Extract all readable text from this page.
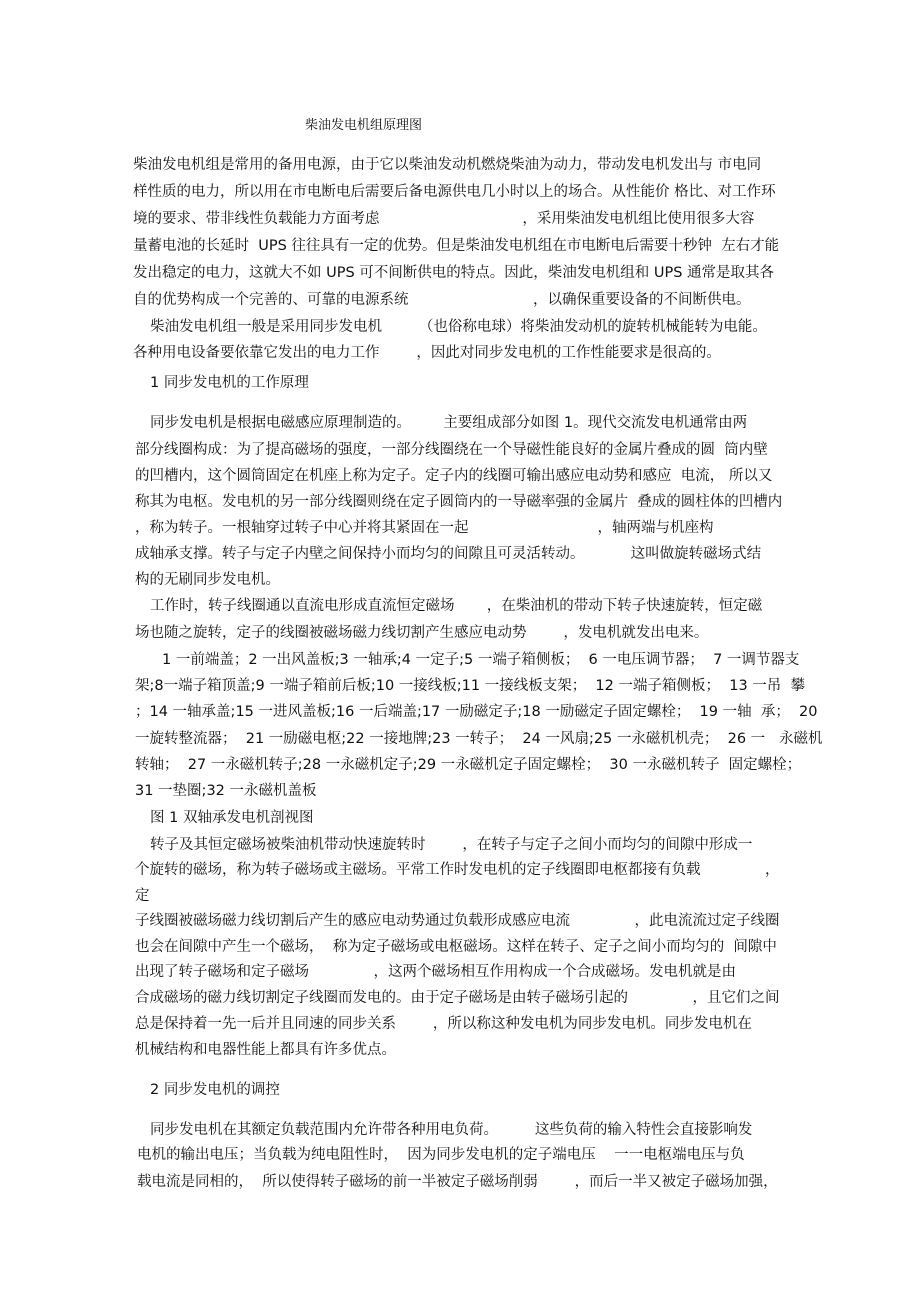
柴油发电机组原理图
柴油发电机组是常用的备用电源，由于它以柴油发动机燃烧柴油为动力，带动发电机发出与 市电同
样性质的电力，所以用在市电断电后需要后备电源供电几小时以上的场合。从性能价 格比、对工作环
境的要求、带非线性负载能力方面考虑                               ，采用柴油发电机组比使用很多大容
量蓄电池的长延时  UPS 往往具有一定的优势。但是柴油发电机组在市电断电后需要十秒钟  左右才能
发出稳定的电力，这就大不如 UPS 可不间断供电的特点。因此，柴油发电机组和 UPS 通常是取其各
自的优势构成一个完善的、可靠的电源系统                           ，以确保重要设备的不间断供电。
柴油发电机组一般是采用同步发电机        （也俗称电球）将柴油发动机的旋转机械能转为电能。
各种用电设备要依靠它发出的电力工作        ，因此对同步发电机的工作性能要求是很高的。
1 同步发电机的工作原理
同步发电机是根据电磁感应原理制造的。       主要组成部分如图 1。现代交流发电机通常由两
部分线圈构成：为了提高磁场的强度，一部分线圈绕在一个导磁性能良好的金属片叠成的圆  筒内壁
的凹槽内，这个圆筒固定在机座上称为定子。定子内的线圈可输出感应电动势和感应  电流， 所以又
称其为电枢。发电机的另一部分线圈则绕在定子圆筒内的一导磁率强的金属片  叠成的圆柱体的凹槽内
，称为转子。一根轴穿过转子中心并将其紧固在一起                            ，轴两端与机座构
成轴承支撑。转子与定子内壁之间保持小而均匀的间隙且可灵活转动。          这叫做旋转磁场式结
构的无刷同步发电机。
工作时，转子线圈通以直流电形成直流恒定磁场       ，在柴油机的带动下转子快速旋转，恒定磁
场也随之旋转，定子的线圈被磁场磁力线切割产生感应电动势        ，发电机就发出电来。
1 一前端盖；2 一出风盖板;3 一轴承;4 一定子;5 一端子箱侧板；  6 一电压调节器；  7 一调节器支
架;8一端子箱顶盖;9 一端子箱前后板;10 一接线板;11 一接线板支架；  12 一端子箱侧板；  13 一吊  攀
；14 一轴承盖;15 一进风盖板;16 一后端盖;17 一励磁定子;18 一励磁定子固定螺栓；  19 一轴  承；  20
一旋转整流器；  21 一励磁电枢;22 一接地牌;23 一转子；  24 一风扇;25 一永磁机机壳；  26 一   永磁机
转轴；  27 一永磁机转子;28 一永磁机定子;29 一永磁机定子固定螺栓；  30 一永磁机转子  固定螺栓；
31 一垫圈;32 一永磁机盖板
图 1 双轴承发电机剖视图
转子及其恒定磁场被柴油机带动快速旋转时        ，在转子与定子之间小而均匀的间隙中形成一
个旋转的磁场，称为转子磁场或主磁场。平常工作时发电机的定子线圈即电枢都接有负载              ，
定
子线圈被磁场磁力线切割后产生的感应电动势通过负载形成感应电流              ，此电流流过定子线圈
也会在间隙中产生一个磁场，  称为定子磁场或电枢磁场。这样在转子、定子之间小而均匀的  间隙中
出现了转子磁场和定子磁场              ，这两个磁场相互作用构成一个合成磁场。发电机就是由
合成磁场的磁力线切割定子线圈而发电的。由于定子磁场是由转子磁场引起的              ，且它们之间
总是保持着一先一后并且同速的同步关系        ，所以称这种发电机为同步发电机。同步发电机在
机械结构和电器性能上都具有许多优点。
2 同步发电机的调控
同步发电机在其额定负载范围内允许带各种用电负荷。        这些负荷的输入特性会直接影响发
电机的输出电压；当负载为纯电阻性时，  因为同步发电机的定子端电压    一一电枢端电压与负
载电流是同相的，  所以使得转子磁场的前一半被定子磁场削弱        ，而后一半又被定子磁场加强，
